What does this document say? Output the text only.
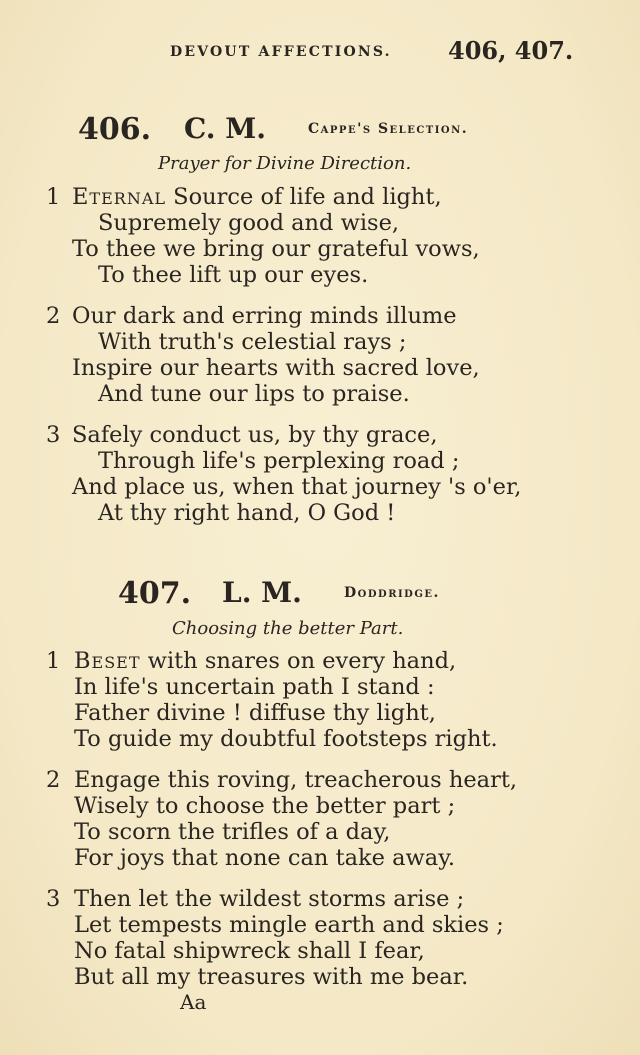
DEVOUT AFFECTIONS. 406, 407.
406. C. M.	Cappe's Selection.
Prayer for Divine Direction.
1 Eternal Source of life and light,
Supremely good and wise,
To thee we bring our grateful vows,
To thee lift up our eyes.
2 Our dark and erring minds illume
With truth's celestial rays ;
Inspire our hearts with sacred love,
And tune our lips to praise.
3 Safely conduct us, by thy grace,
Through life's perplexing road ;
And place us, when that journey 's o'er,
At thy right hand, O God !
407. L. M.	Doddridge.
Choosing the better Part.
1 Beset with snares on every hand,
In life's uncertain path I stand :
Father divine ! diffuse thy light,
To guide my doubtful footsteps right.
2 Engage this roving, treacherous heart,
Wisely to choose the better part ;
To scorn the trifles of a day,
For joys that none can take away.
3 Then let the wildest storms arise ;
Let tempests mingle earth and skies ;
No fatal shipwreck shall I fear,
But all my treasures with me bear.
Aa
